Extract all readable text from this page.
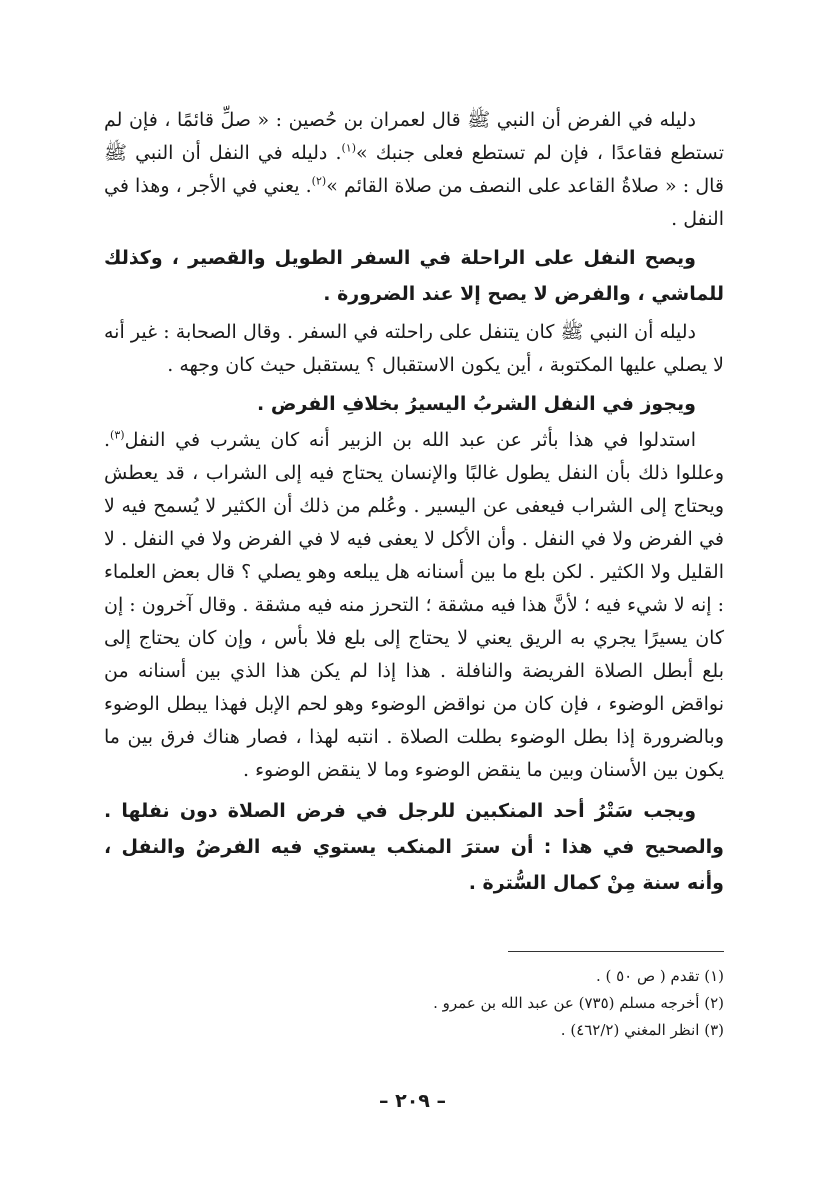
دليله في الفرض أن النبي ﷺ قال لعمران بن حُصين : « صلِّ قائمًا ، فإن لم تستطع فقاعدًا ، فإن لم تستطع فعلى جنبك »$^{(١)}$. دليله في النفل أن النبي ﷺ قال : « صلاةُ القاعد على النصف من صلاة القائم »$^{(٢)}$. يعني في الأجر ، وهذا في النفل .

ويصح النفل على الراحلة في السفر الطويل والقصير ، وكذلك للماشي ، والفرض لا يصح إلا عند الضرورة .

دليله أن النبي ﷺ كان يتنفل على راحلته في السفر . وقال الصحابة : غير أنه لا يصلي عليها المكتوبة ، أين يكون الاستقبال ؟ يستقبل حيث كان وجهه .

ويجوز في النفل الشربُ اليسيرُ بخلافِ الفرض .

استدلوا في هذا بأثر عن عبد الله بن الزبير أنه كان يشرب في النفل$^{(٣)}$. وعللوا ذلك بأن النفل يطول غالبًا والإنسان يحتاج فيه إلى الشراب ، قد يعطش ويحتاج إلى الشراب فيعفى عن اليسير . وعُلم من ذلك أن الكثير لا يُسمح فيه لا في الفرض ولا في النفل . وأن الأكل لا يعفى فيه لا في الفرض ولا في النفل . لا القليل ولا الكثير . لكن بلع ما بين أسنانه هل يبلعه وهو يصلي ؟ قال بعض العلماء : إنه لا شيء فيه ؛ لأنَّ هذا فيه مشقة ؛ التحرز منه فيه مشقة . وقال آخرون : إن كان يسيرًا يجري به الريق يعني لا يحتاج إلى بلع فلا بأس ، وإن كان يحتاج إلى بلع أبطل الصلاة الفريضة والنافلة . هذا إذا لم يكن هذا الذي بين أسنانه من نواقض الوضوء ، فإن كان من نواقض الوضوء وهو لحم الإبل فهذا يبطل الوضوء وبالضرورة إذا بطل الوضوء بطلت الصلاة . انتبه لهذا ، فصار هناك فرق بين ما يكون بين الأسنان وبين ما ينقض الوضوء وما لا ينقض الوضوء .

ويجب سَتْرُ أحد المنكبين للرجل في فرض الصلاة دون نفلها . والصحيح في هذا : أن سترَ المنكب يستوي فيه الفرضُ والنفل ، وأنه سنة مِنْ كمال السُّترة .

(١) تقدم ( ص ٥٠ ) .

(٢) أخرجه مسلم (٧٣٥) عن عبد الله بن عمرو .

(٣) انظر المغني (٤٦٢/٢) .

– ٢٠٩ –
